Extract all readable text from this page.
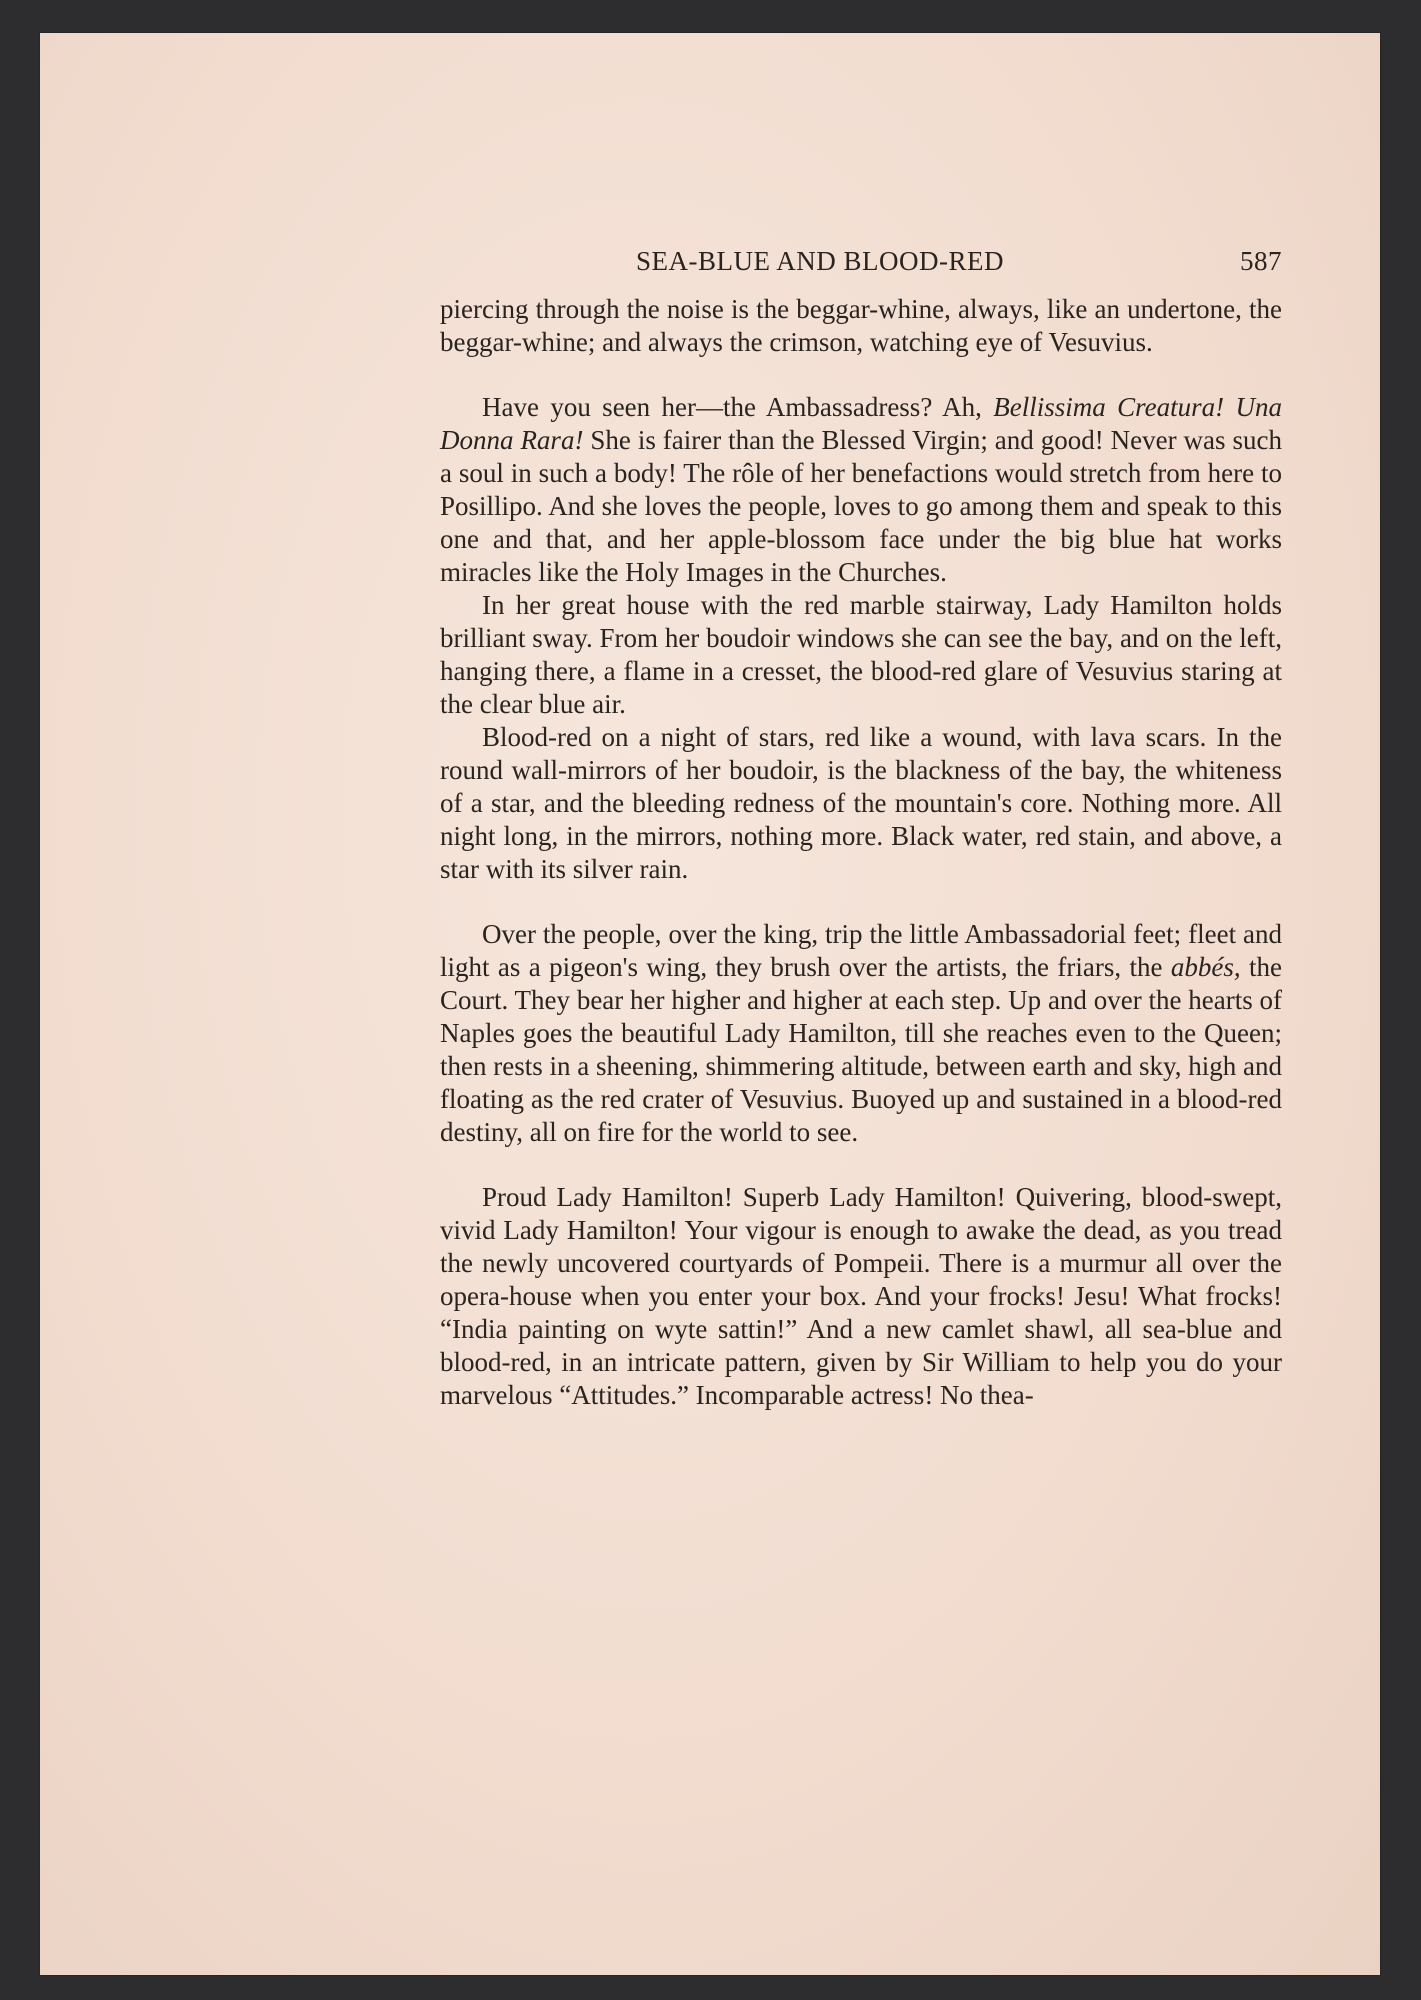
SEA-BLUE AND BLOOD-RED	587

piercing through the noise is the beggar-whine, always, like an undertone, the beggar-whine; and always the crimson, watching eye of Vesuvius.

Have you seen her—the Ambassadress? Ah, Bellissima Creatura! Una Donna Rara! She is fairer than the Blessed Virgin; and good! Never was such a soul in such a body! The rôle of her benefactions would stretch from here to Posillipo. And she loves the people, loves to go among them and speak to this one and that, and her apple-blossom face under the big blue hat works miracles like the Holy Images in the Churches.

In her great house with the red marble stairway, Lady Hamilton holds brilliant sway. From her boudoir windows she can see the bay, and on the left, hanging there, a flame in a cresset, the blood-red glare of Vesuvius staring at the clear blue air.

Blood-red on a night of stars, red like a wound, with lava scars. In the round wall-mirrors of her boudoir, is the blackness of the bay, the whiteness of a star, and the bleeding redness of the mountain's core. Nothing more. All night long, in the mirrors, nothing more. Black water, red stain, and above, a star with its silver rain.

Over the people, over the king, trip the little Ambassadorial feet; fleet and light as a pigeon's wing, they brush over the artists, the friars, the abbés, the Court. They bear her higher and higher at each step. Up and over the hearts of Naples goes the beautiful Lady Hamilton, till she reaches even to the Queen; then rests in a sheening, shimmering altitude, between earth and sky, high and floating as the red crater of Vesuvius. Buoyed up and sustained in a blood-red destiny, all on fire for the world to see.

Proud Lady Hamilton! Superb Lady Hamilton! Quivering, blood-swept, vivid Lady Hamilton! Your vigour is enough to awake the dead, as you tread the newly uncovered courtyards of Pompeii. There is a murmur all over the opera-house when you enter your box. And your frocks! Jesu! What frocks! “India painting on wyte sattin!” And a new camlet shawl, all sea-blue and blood-red, in an intricate pattern, given by Sir William to help you do your marvelous “Attitudes.” Incomparable actress! No thea-
